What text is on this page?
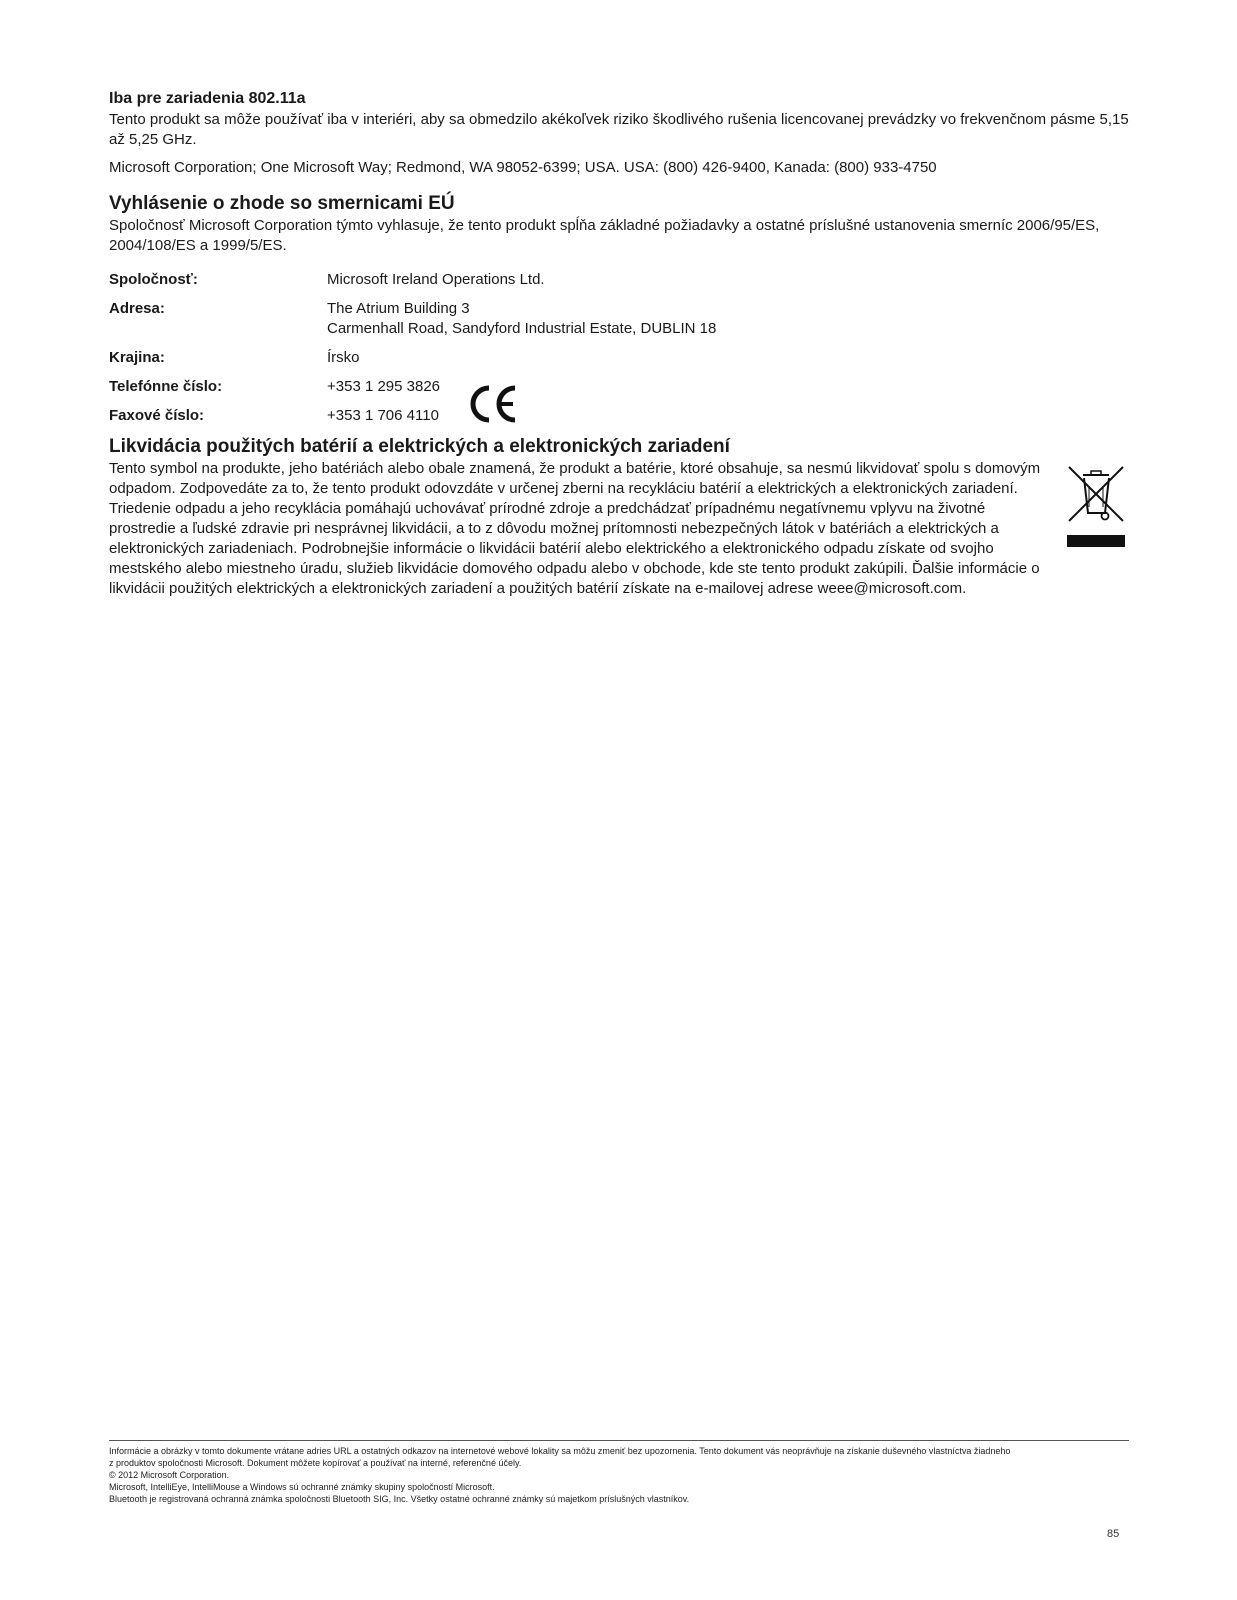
Iba pre zariadenia 802.11a

Tento produkt sa môže používať iba v interiéri, aby sa obmedzilo akékoľvek riziko škodlivého rušenia licencovanej prevádzky vo frekvenčnom pásme 5,15 až 5,25 GHz.

Microsoft Corporation; One Microsoft Way; Redmond, WA 98052-6399; USA. USA: (800) 426-9400, Kanada: (800) 933-4750

Vyhlásenie o zhode so smernicami EÚ

Spoločnosť Microsoft Corporation týmto vyhlasuje, že tento produkt spĺňa základné požiadavky a ostatné príslušné ustanovenia smerníc 2006/95/ES, 2004/108/ES a 1999/5/ES.

Spoločnosť:	Microsoft Ireland Operations Ltd.
Adresa:	The Atrium Building 3
Carmenhall Road, Sandyford Industrial Estate, DUBLIN 18
Krajina:	Írsko
Telefónne číslo:	+353 1 295 3826
Faxové číslo:	+353 1 706 4110
Likvidácia použitých batérií a elektrických a elektronických zariadení

Tento symbol na produkte, jeho batériách alebo obale znamená, že produkt a batérie, ktoré obsahuje, sa nesmú likvidovať spolu s domovým odpadom. Zodpovedáte za to, že tento produkt odovzdáte v určenej zberni na recykláciu batérií a elektrických a elektronických zariadení. Triedenie odpadu a jeho recyklácia pomáhajú uchovávať prírodné zdroje a predchádzať prípadnému negatívnemu vplyvu na životné prostredie a ľudské zdravie pri nesprávnej likvidácii, a to z dôvodu možnej prítomnosti nebezpečných látok v batériách a elektrických a elektronických zariadeniach. Podrobnejšie informácie o likvidácii batérií alebo elektrického a elektronického odpadu získate od svojho mestského alebo miestneho úradu, služieb likvidácie domového odpadu alebo v obchode, kde ste tento produkt zakúpili. Ďalšie informácie o likvidácii použitých elektrických a elektronických zariadení a použitých batérií získate na e-mailovej adrese weee@microsoft.com.

Informácie a obrázky v tomto dokumente vrátane adries URL a ostatných odkazov na internetové webové lokality sa môžu zmeniť bez upozornenia. Tento dokument vás neoprávňuje na získanie duševného vlastníctva žiadneho

z produktov spoločnosti Microsoft. Dokument môžete kopírovať a používať na interné, referenčné účely.

© 2012 Microsoft Corporation.

Microsoft, IntelliEye, IntelliMouse a Windows sú ochranné známky skupiny spoločností Microsoft.

Bluetooth je registrovaná ochranná známka spoločnosti Bluetooth SIG, Inc. Všetky ostatné ochranné známky sú majetkom príslušných vlastníkov.

85
